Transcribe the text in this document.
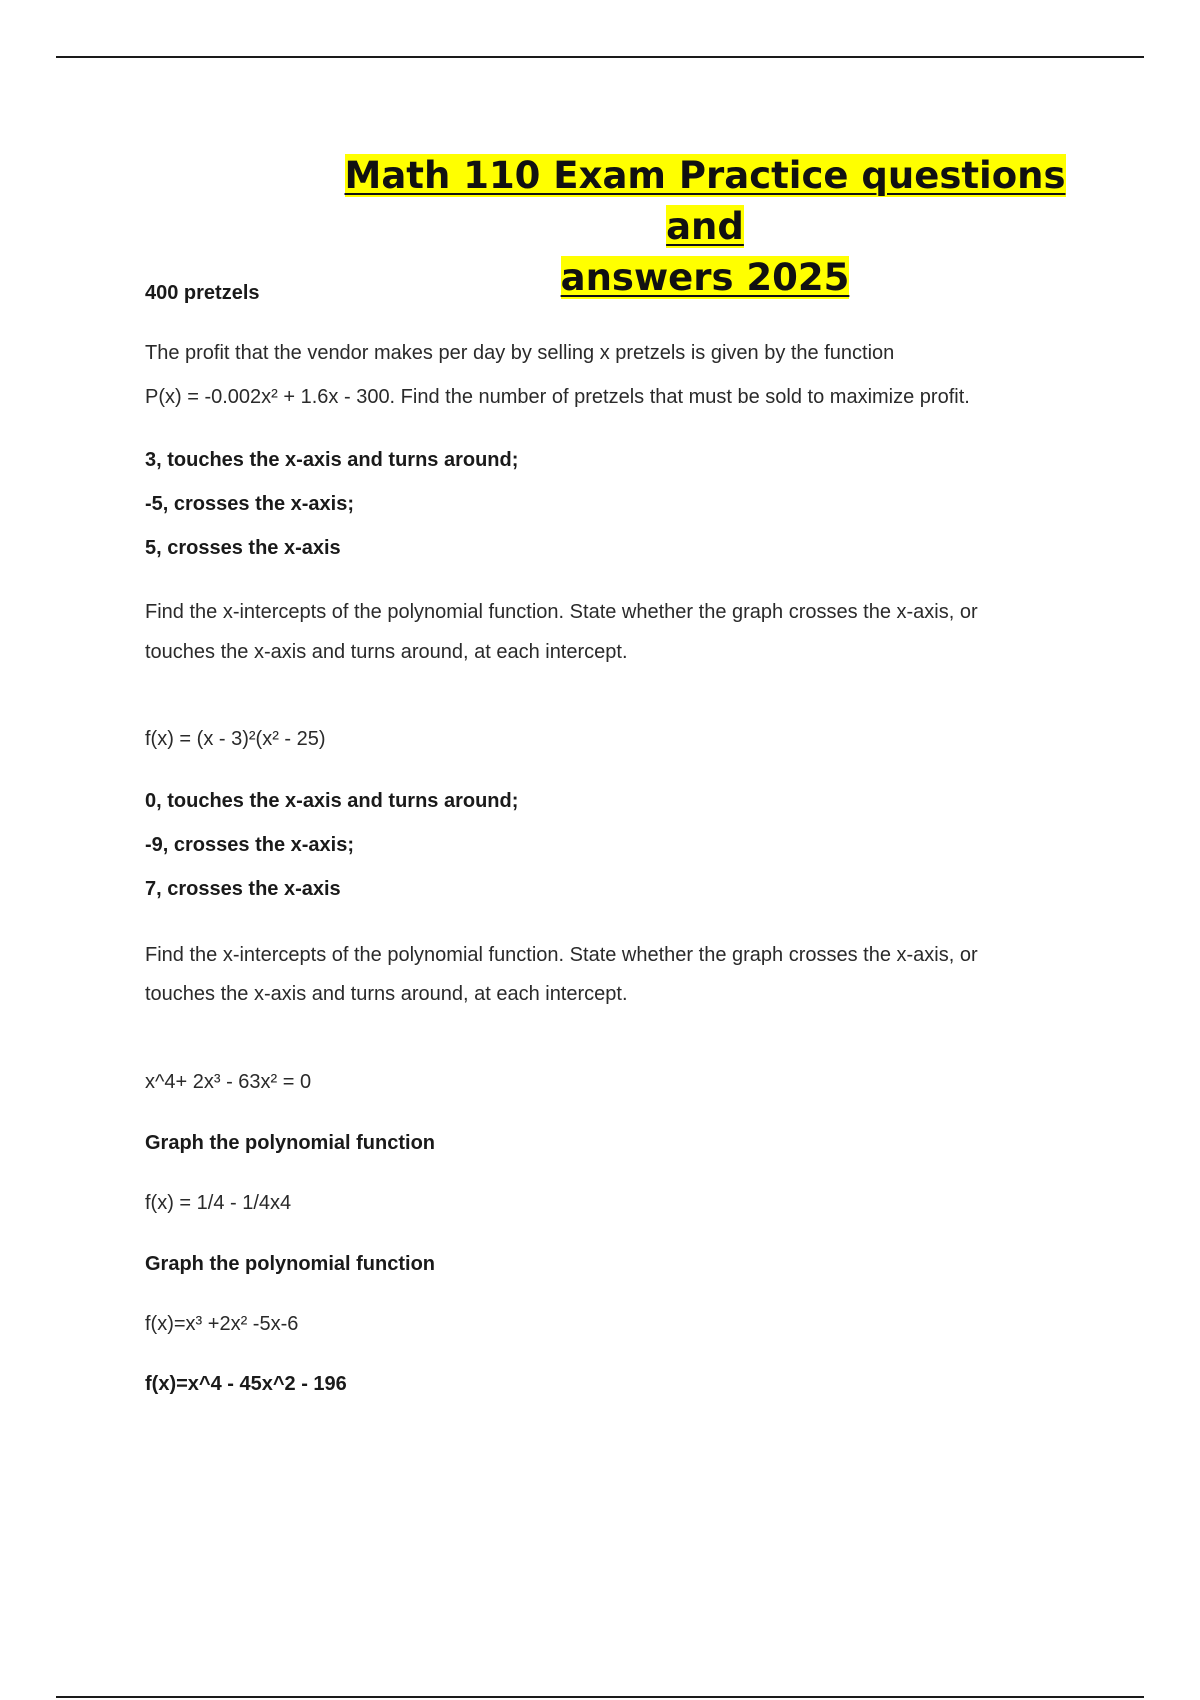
Math 110 Exam Practice questions and
answers 2025
400 pretzels
The profit that the vendor makes per day by selling x pretzels is given by the function
P(x) = -0.002x² + 1.6x - 300. Find the number of pretzels that must be sold to maximize profit.
3, touches the x-axis and turns around;
-5, crosses the x-axis;
5, crosses the x-axis
Find the x-intercepts of the polynomial function. State whether the graph crosses the x-axis, or
touches the x-axis and turns around, at each intercept.
f(x) = (x - 3)²(x² - 25)
0, touches the x-axis and turns around;
-9, crosses the x-axis;
7, crosses the x-axis
Find the x-intercepts of the polynomial function. State whether the graph crosses the x-axis, or
touches the x-axis and turns around, at each intercept.
x^4+ 2x³ - 63x² = 0
Graph the polynomial function
f(x) = 1/4 - 1/4x4
Graph the polynomial function
f(x)=x³ +2x² -5x-6
f(x)=x^4 - 45x^2 - 196
